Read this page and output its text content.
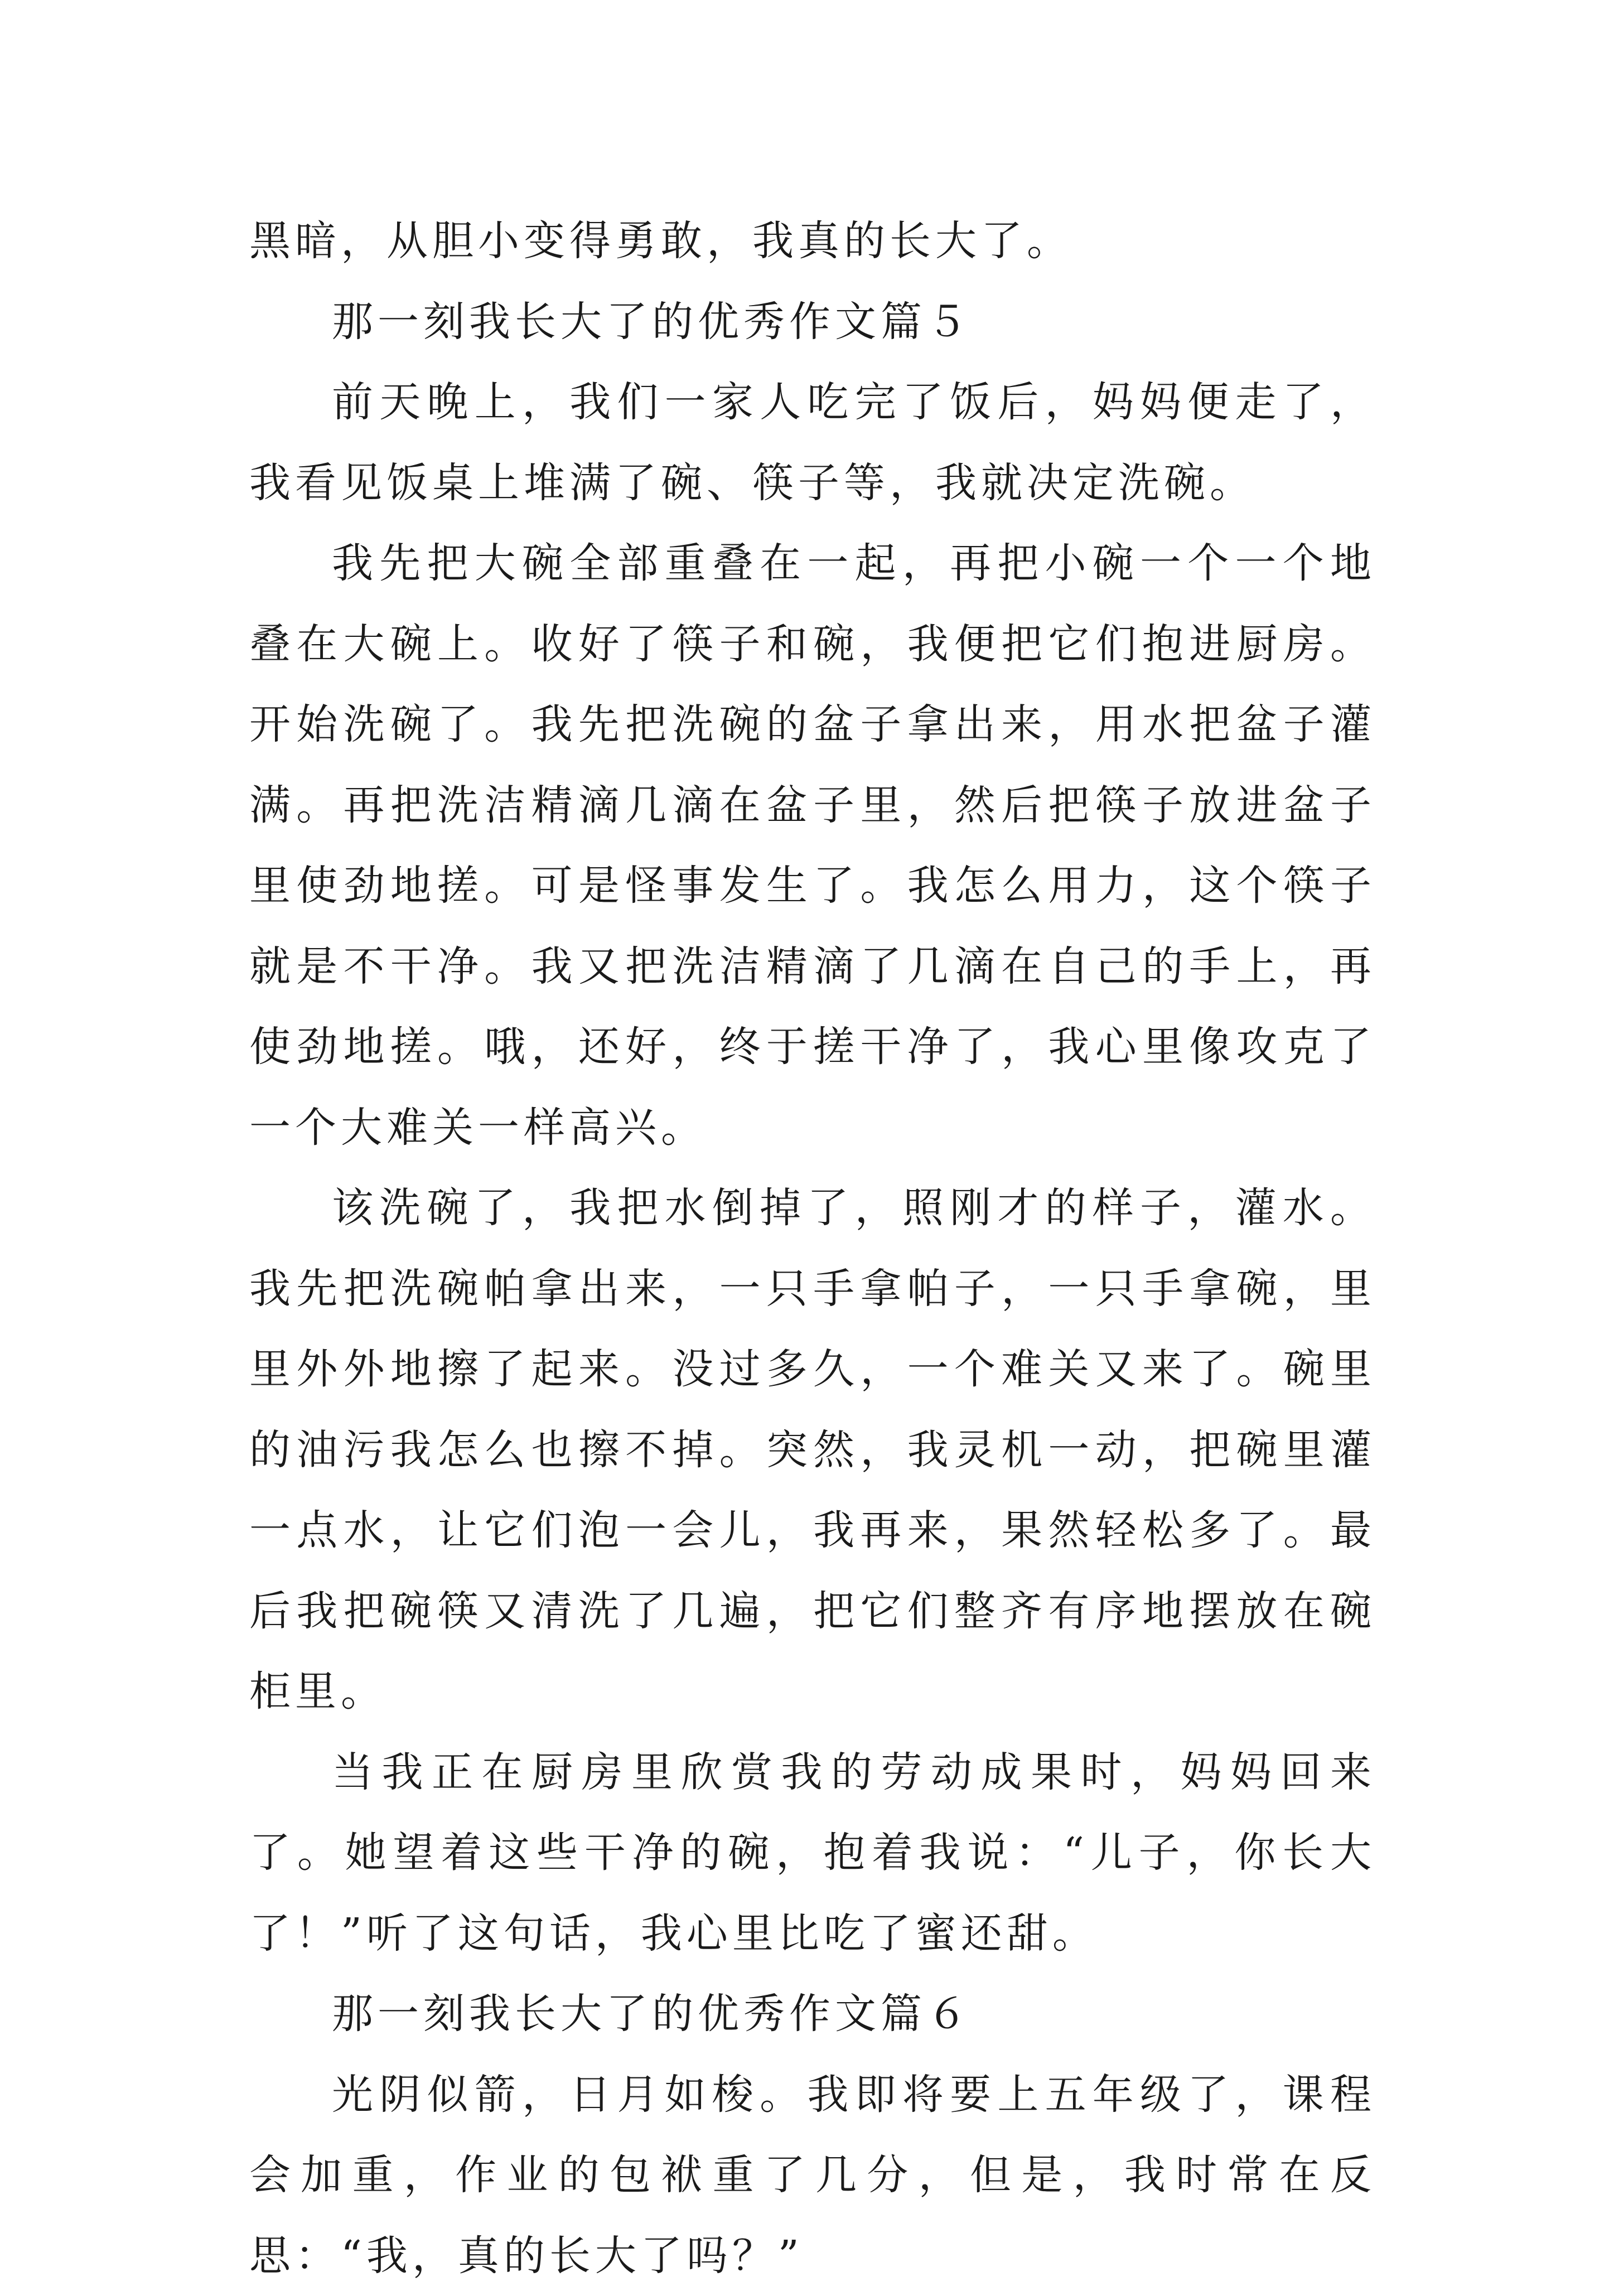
黑暗，从胆小变得勇敢，我真的长大了。

那一刻我长大了的优秀作文篇５

前天晚上，我们一家人吃完了饭后，妈妈便走了，我看见饭桌上堆满了碗、筷子等，我就决定洗碗。

我先把大碗全部重叠在一起，再把小碗一个一个地叠在大碗上。收好了筷子和碗，我便把它们抱进厨房。开始洗碗了。我先把洗碗的盆子拿出来，用水把盆子灌满。再把洗洁精滴几滴在盆子里，然后把筷子放进盆子里使劲地搓。可是怪事发生了。我怎么用力，这个筷子就是不干净。我又把洗洁精滴了几滴在自己的手上，再使劲地搓。哦，还好，终于搓干净了，我心里像攻克了一个大难关一样高兴。

该洗碗了，我把水倒掉了，照刚才的样子，灌水。我先把洗碗帕拿出来，一只手拿帕子，一只手拿碗，里里外外地擦了起来。没过多久，一个难关又来了。碗里的油污我怎么也擦不掉。突然，我灵机一动，把碗里灌一点水，让它们泡一会儿，我再来，果然轻松多了。最后我把碗筷又清洗了几遍，把它们整齐有序地摆放在碗柜里。

当我正在厨房里欣赏我的劳动成果时，妈妈回来了。她望着这些干净的碗，抱着我说：“儿子，你长大了！”听了这句话，我心里比吃了蜜还甜。

那一刻我长大了的优秀作文篇６

光阴似箭，日月如梭。我即将要上五年级了，课程会加重，作业的包袱重了几分，但是，我时常在反思：“我，真的长大了吗？”
